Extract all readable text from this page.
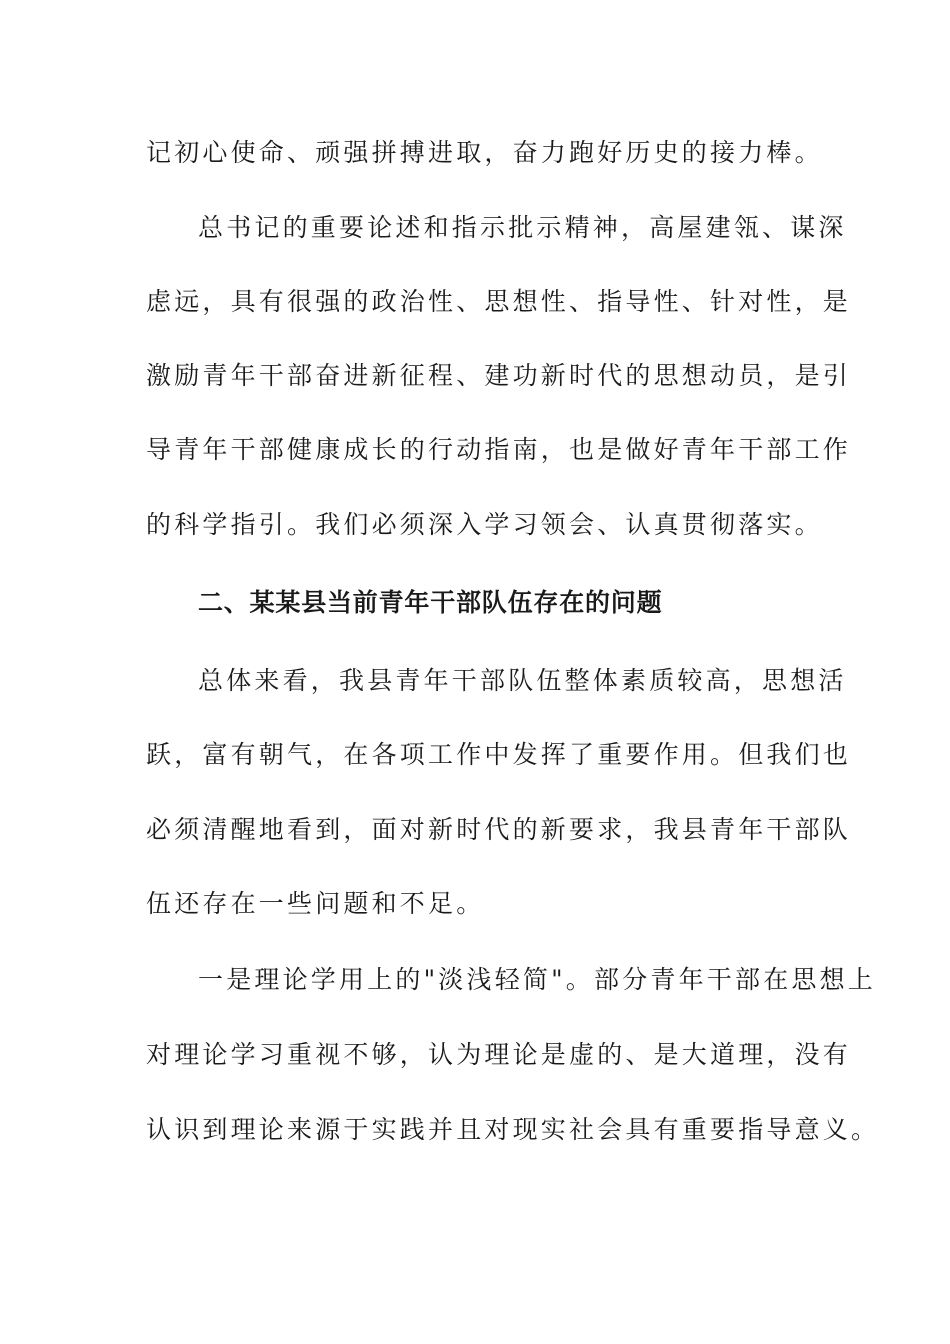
记初心使命、顽强拼搏进取，奋力跑好历史的接力棒。
总书记的重要论述和指示批示精神，高屋建瓴、谋深
虑远，具有很强的政治性、思想性、指导性、针对性，是
激励青年干部奋进新征程、建功新时代的思想动员，是引
导青年干部健康成长的行动指南，也是做好青年干部工作
的科学指引。我们必须深入学习领会、认真贯彻落实。
二、某某县当前青年干部队伍存在的问题
总体来看，我县青年干部队伍整体素质较高，思想活
跃，富有朝气，在各项工作中发挥了重要作用。但我们也
必须清醒地看到，面对新时代的新要求，我县青年干部队
伍还存在一些问题和不足。
一是理论学用上的"淡浅轻简"。部分青年干部在思想上
对理论学习重视不够，认为理论是虚的、是大道理，没有
认识到理论来源于实践并且对现实社会具有重要指导意义。
